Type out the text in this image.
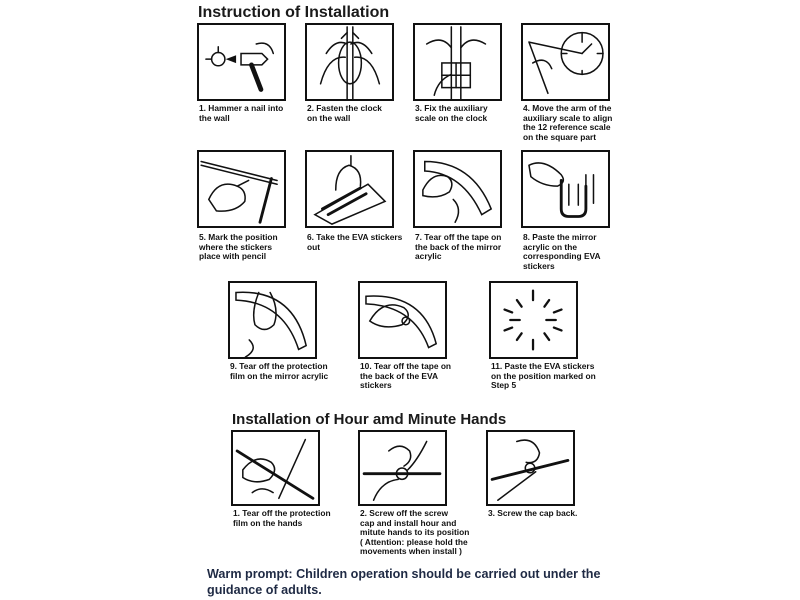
Instruction of Installation
1. Hammer a nail into
the wall
2. Fasten the clock
on the wall
3. Fix the auxiliary
scale on the clock
4. Move the arm of the
auxiliary scale to align
the 12 reference scale
on the square part
5. Mark the position
where the stickers
place with pencil
6. Take the EVA stickers
out
7. Tear off the tape on
the back of the mirror
acrylic
8. Paste the mirror
acrylic on the
corresponding EVA
stickers
9. Tear off the protection
film on the mirror acrylic
10. Tear off the tape on
the back of the EVA
stickers
11. Paste the EVA stickers
on the position marked on
Step 5
Installation of Hour amd Minute Hands
1. Tear off the protection
film on the hands
2. Screw off the screw
cap and install hour and
mitute hands to its position
( Attention: please hold the
movements when install )
3. Screw the cap back.
Warm prompt: Children operation should be carried out under the guidance of adults.
